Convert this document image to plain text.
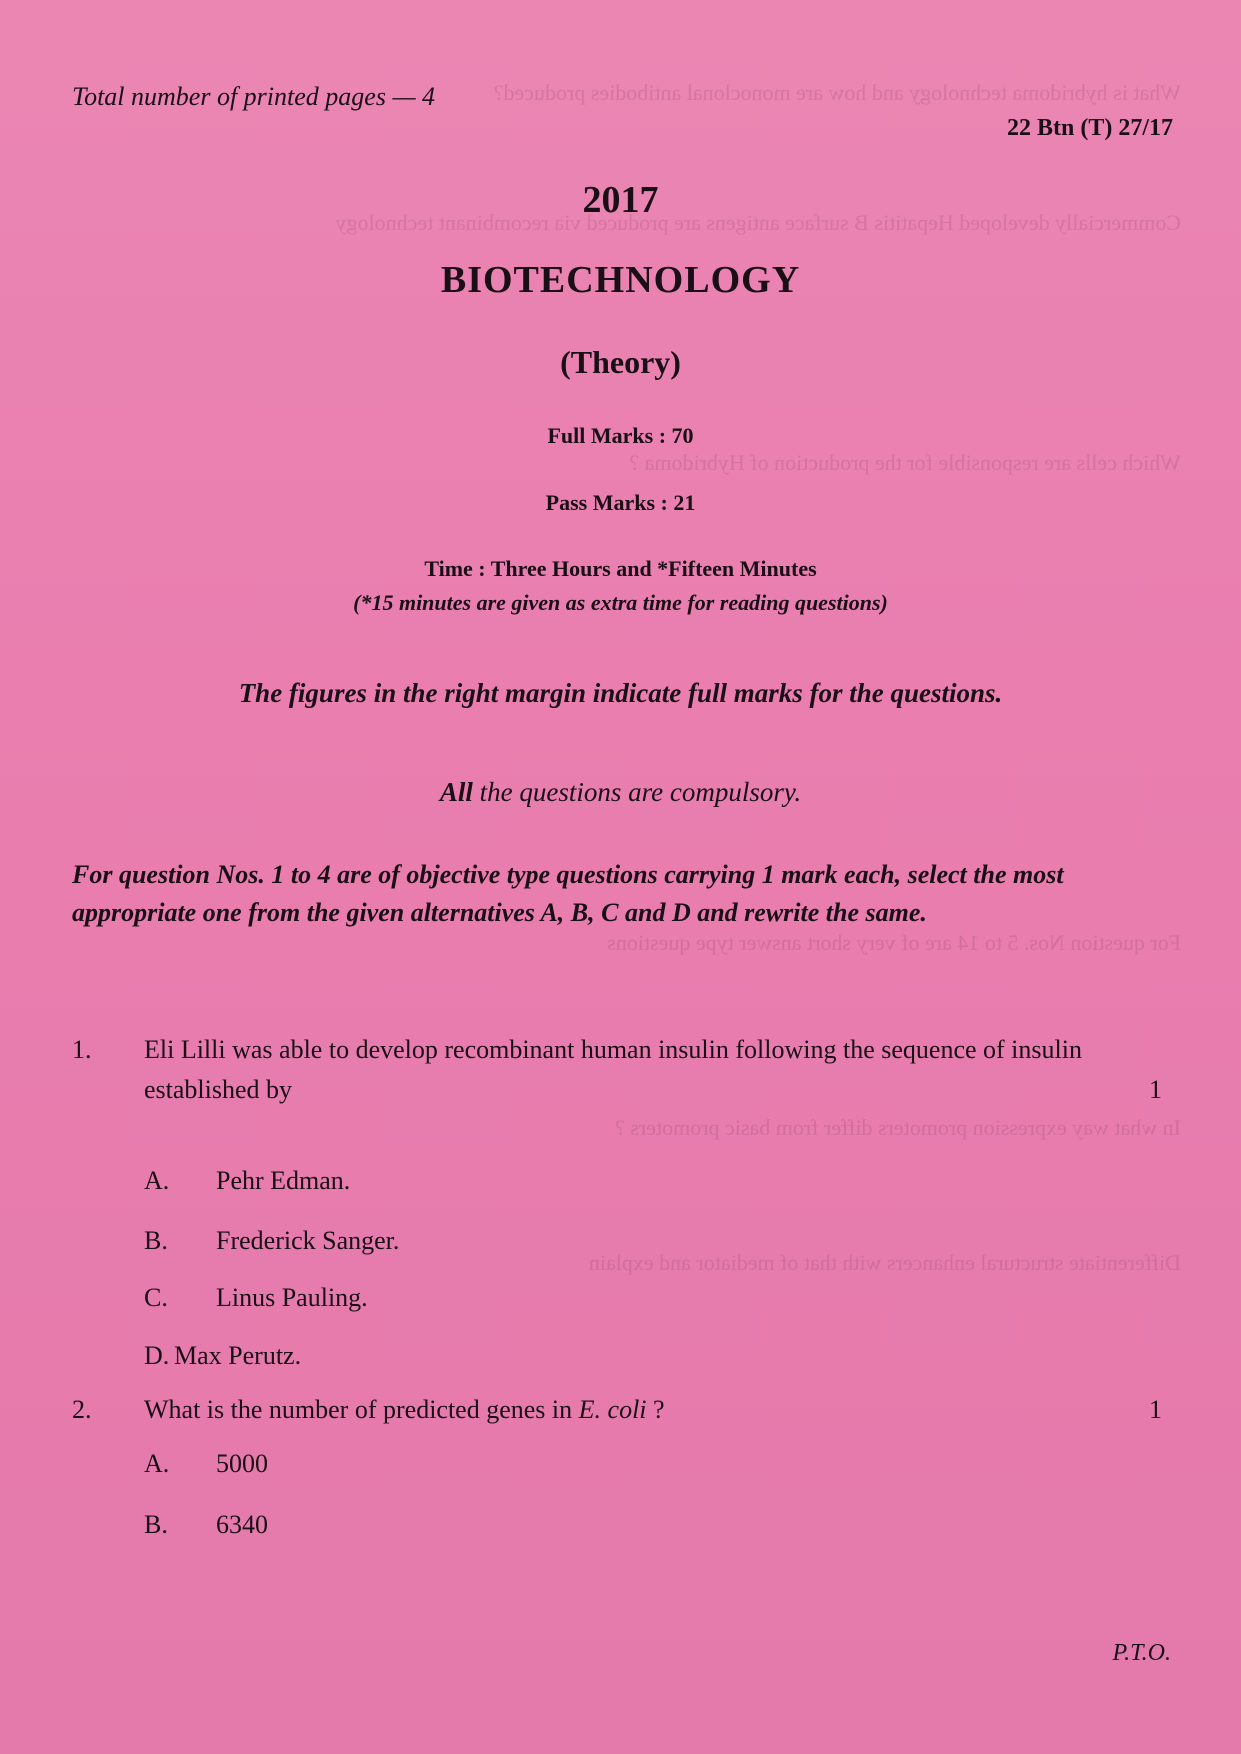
What is hybridoma technology and how are monoclonal antibodies produced?
Commercially developed Hepatitis B surface antigens are produced via recombinant technology
Which cells are responsible for the production of Hybridoma ?
For question Nos. 5 to 14 are of very short answer type questions
In what way expression promoters differ from basic promoters ?
Differentiate structural enhancers with that of mediator and explain
Total number of printed pages — 4
22 Btn (T) 27/17
2017
BIOTECHNOLOGY
(Theory)
Full Marks : 70
Pass Marks : 21
Time : Three Hours and *Fifteen Minutes
(*15 minutes are given as extra time for reading questions)
The figures in the right margin indicate full marks for the questions.
All the questions are compulsory.
For question Nos. 1 to 4 are of objective type questions carrying 1 mark each, select the most appropriate one from the given alternatives A, B, C and D and rewrite the same.
1. Eli Lilli was able to develop recombinant human insulin following the sequence of insulin established by	1
A. Pehr Edman.
B. Frederick Sanger.
C. Linus Pauling.
D. Max Perutz.
2. What is the number of predicted genes in E. coli ?	1
A. 5000
B. 6340
P.T.O.
